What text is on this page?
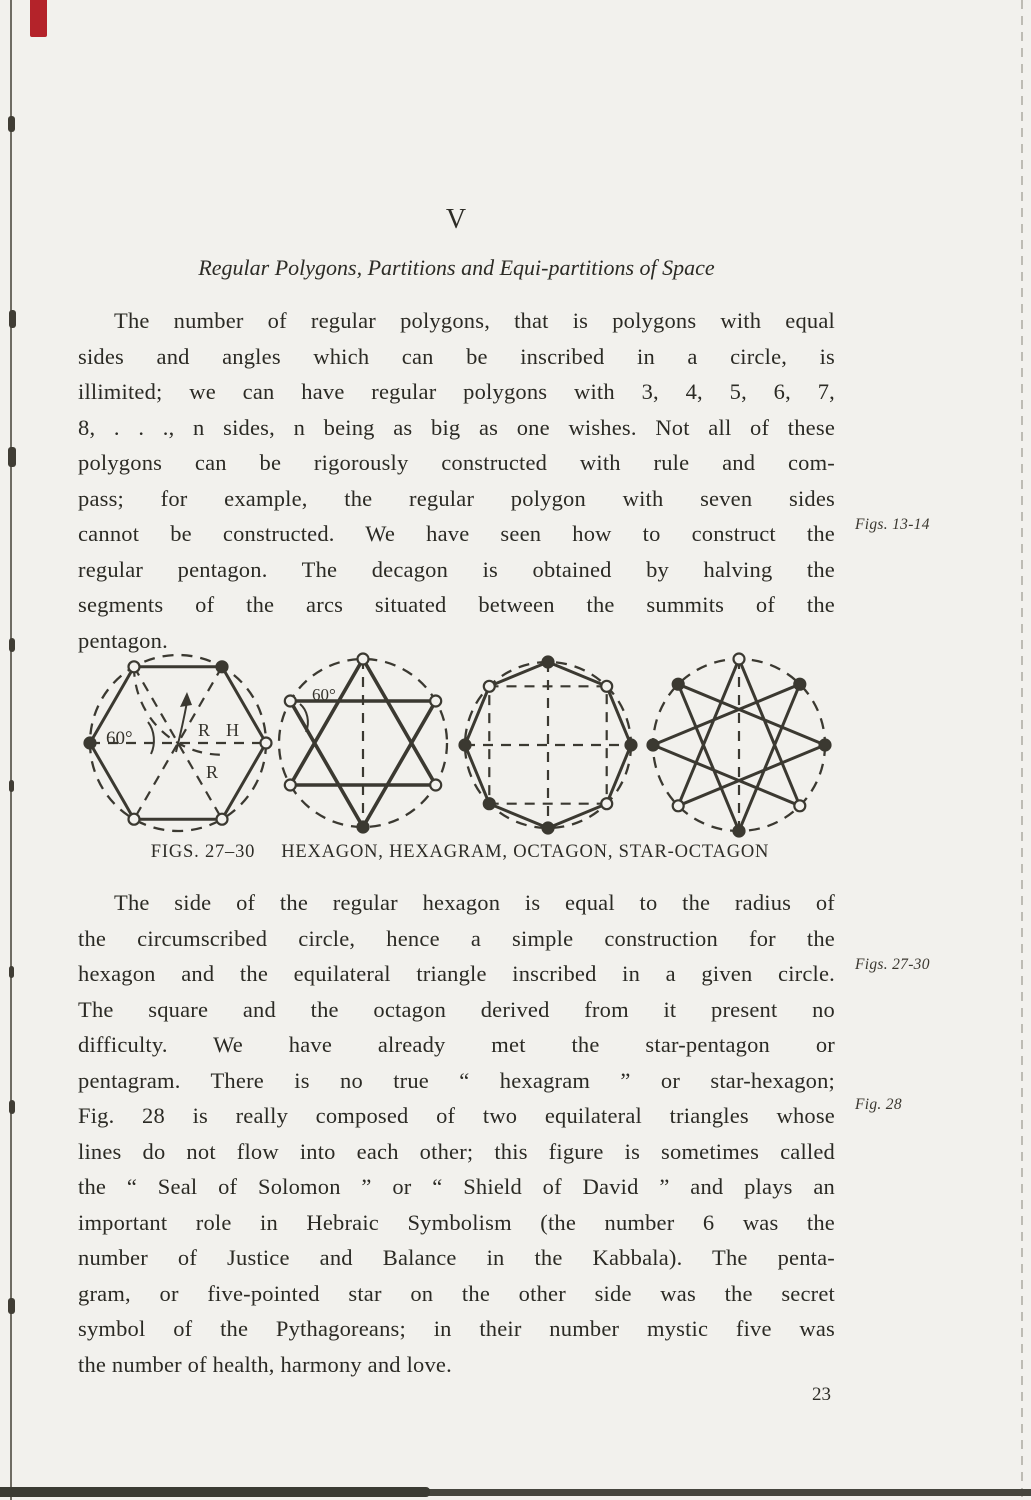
V
Regular Polygons, Partitions and Equi-partitions of Space
The number of regular polygons, that is polygons with equal
sides and angles which can be inscribed in a circle, is
illimited; we can have regular polygons with 3, 4, 5, 6, 7,
8, . . ., n sides, n being as big as one wishes. Not all of these
polygons can be rigorously constructed with rule and com-
pass; for example, the regular polygon with seven sides
cannot be constructed. We have seen how to construct the
regular pentagon. The decagon is obtained by halving the
segments of the arcs situated between the summits of the
pentagon.
Figs. 13-14
Figs. 27-30
Fig. 28
60°	R H
R
60°
FIGS. 27–30 HEXAGON, HEXAGRAM, OCTAGON, STAR-OCTAGON
The side of the regular hexagon is equal to the radius of
the circumscribed circle, hence a simple construction for the
hexagon and the equilateral triangle inscribed in a given circle.
The square and the octagon derived from it present no
difficulty. We have already met the star-pentagon or
pentagram. There is no true “ hexagram ” or star-hexagon;
Fig. 28 is really composed of two equilateral triangles whose
lines do not flow into each other; this figure is sometimes called
the “ Seal of Solomon ” or “ Shield of David ” and plays an
important role in Hebraic Symbolism (the number 6 was the
number of Justice and Balance in the Kabbala). The penta-
gram, or five-pointed star on the other side was the secret
symbol of the Pythagoreans; in their number mystic five was
the number of health, harmony and love.
23
